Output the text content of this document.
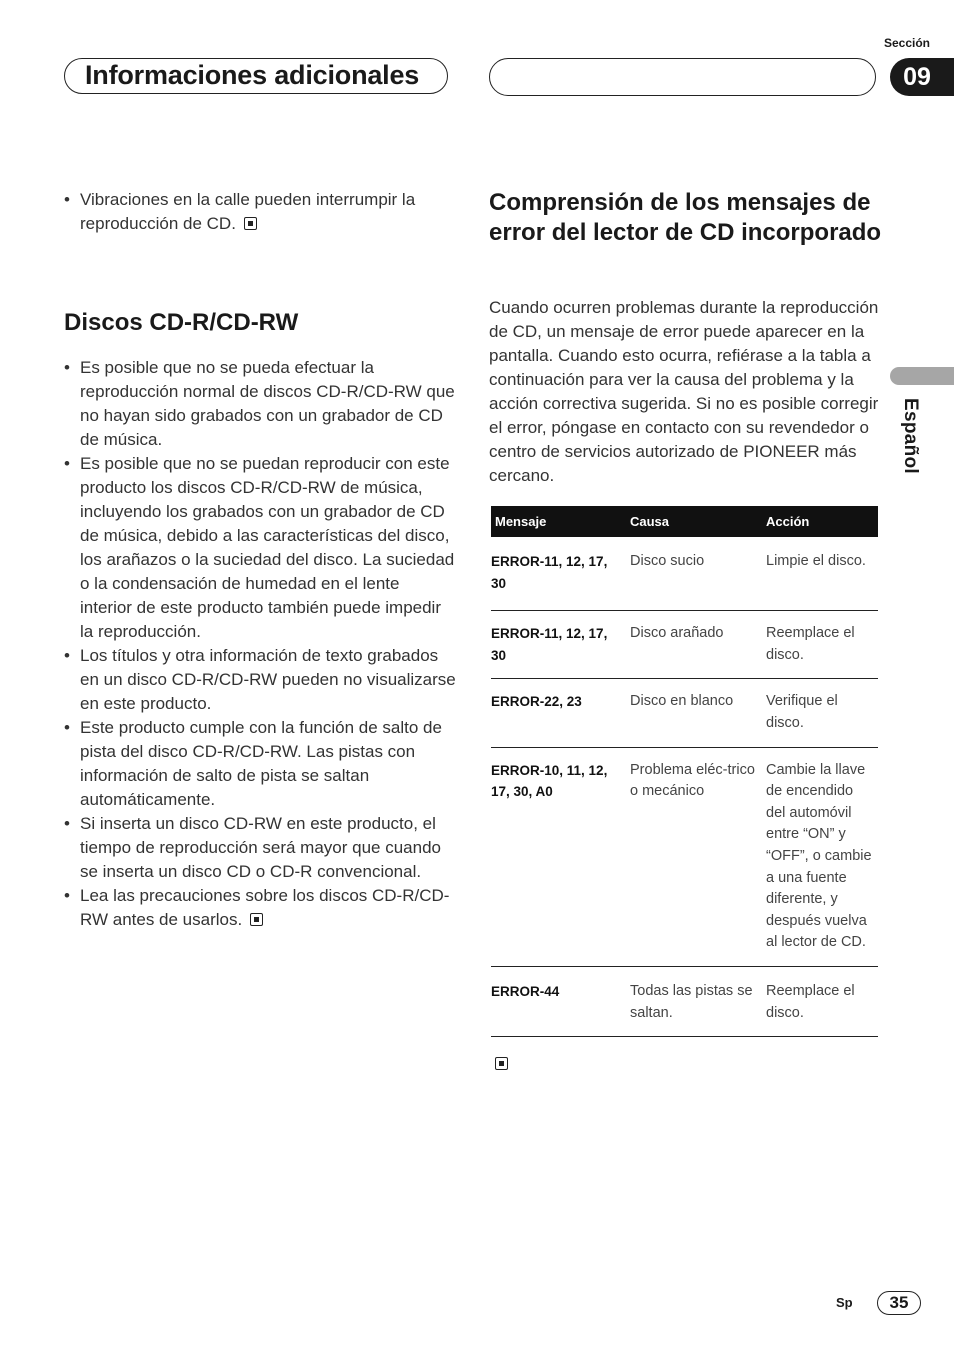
Sección
Informaciones adicionales	09
Español
• Vibraciones en la calle pueden interrumpir la reproducción de CD.
Discos CD-R/CD-RW
• Es posible que no se pueda efectuar la reproducción normal de discos CD-R/CD-RW que no hayan sido grabados con un grabador de CD de música.
• Es posible que no se puedan reproducir con este producto los discos CD-R/CD-RW de música, incluyendo los grabados con un grabador de CD de música, debido a las características del disco, los arañazos o la suciedad del disco. La suciedad o la condensación de humedad en el lente interior de este producto también puede impedir la reproducción.
• Los títulos y otra información de texto grabados en un disco CD-R/CD-RW pueden no visualizarse en este producto.
• Este producto cumple con la función de salto de pista del disco CD-R/CD-RW. Las pistas con información de salto de pista se saltan automáticamente.
• Si inserta un disco CD-RW en este producto, el tiempo de reproducción será mayor que cuando se inserta un disco CD o CD-R convencional.
• Lea las precauciones sobre los discos CD-R/CD-RW antes de usarlos.
Comprensión de los mensajes de error del lector de CD incorporado
Cuando ocurren problemas durante la reproducción de CD, un mensaje de error puede aparecer en la pantalla. Cuando esto ocurra, refiérase a la tabla a continuación para ver la causa del problema y la acción correctiva sugerida. Si no es posible corregir el error, póngase en contacto con su revendedor o centro de servicios autorizado de PIONEER más cercano.
Mensaje	Causa	Acción
ERROR-11, 12, 17, 30	Disco sucio	Limpie el disco.
ERROR-11, 12, 17, 30	Disco arañado	Reemplace el disco.
ERROR-22, 23	Disco en blanco	Verifique el disco.
ERROR-10, 11, 12, 17, 30, A0	Problema eléc-trico o mecánico	Cambie la llave de encendido del automóvil entre “ON” y “OFF”, o cambie a una fuente diferente, y después vuelva al lector de CD.
ERROR-44	Todas las pistas se saltan.	Reemplace el disco.
Sp	35
